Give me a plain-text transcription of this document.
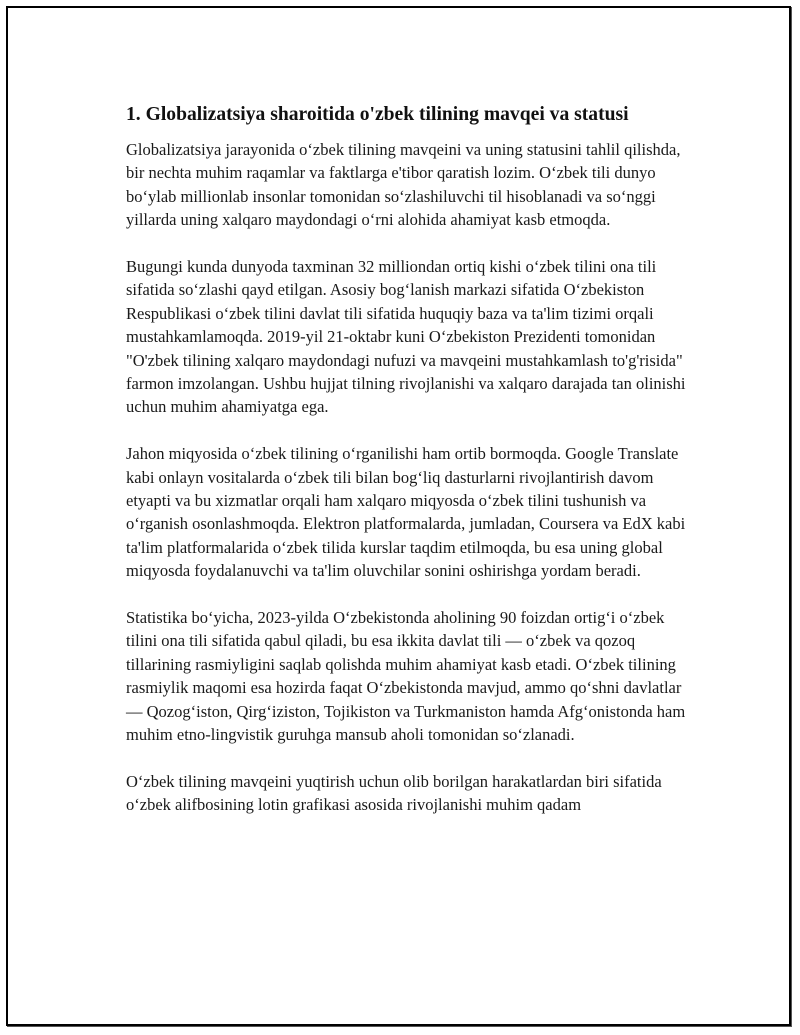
1. Globalizatsiya sharoitida o'zbek tilining mavqei va statusi

Globalizatsiya jarayonida oʻzbek tilining mavqeini va uning statusini tahlil qilishda, bir nechta muhim raqamlar va faktlarga e'tibor qaratish lozim. Oʻzbek tili dunyo boʻylab millionlab insonlar tomonidan soʻzlashiluvchi til hisoblanadi va soʻnggi yillarda uning xalqaro maydondagi oʻrni alohida ahamiyat kasb etmoqda.

Bugungi kunda dunyoda taxminan 32 milliondan ortiq kishi oʻzbek tilini ona tili sifatida soʻzlashi qayd etilgan. Asosiy bogʻlanish markazi sifatida Oʻzbekiston Respublikasi oʻzbek tilini davlat tili sifatida huquqiy baza va ta'lim tizimi orqali mustahkamlamoqda. 2019-yil 21-oktabr kuni Oʻzbekiston Prezidenti tomonidan "O'zbek tilining xalqaro maydondagi nufuzi va mavqeini mustahkamlash to'g'risida" farmon imzolangan. Ushbu hujjat tilning rivojlanishi va xalqaro darajada tan olinishi uchun muhim ahamiyatga ega.

Jahon miqyosida oʻzbek tilining oʻrganilishi ham ortib bormoqda. Google Translate kabi onlayn vositalarda oʻzbek tili bilan bogʻliq dasturlarni rivojlantirish davom etyapti va bu xizmatlar orqali ham xalqaro miqyosda oʻzbek tilini tushunish va oʻrganish osonlashmoqda. Elektron platformalarda, jumladan, Coursera va EdX kabi ta'lim platformalarida oʻzbek tilida kurslar taqdim etilmoqda, bu esa uning global miqyosda foydalanuvchi va ta'lim oluvchilar sonini oshirishga yordam beradi.

Statistika boʻyicha, 2023-yilda Oʻzbekistonda aholining 90 foizdan ortigʻi oʻzbek tilini ona tili sifatida qabul qiladi, bu esa ikkita davlat tili — oʻzbek va qozoq tillarining rasmiyligini saqlab qolishda muhim ahamiyat kasb etadi. Oʻzbek tilining rasmiylik maqomi esa hozirda faqat Oʻzbekistonda mavjud, ammo qoʻshni davlatlar — Qozogʻiston, Qirgʻiziston, Tojikiston va Turkmaniston hamda Afgʻonistonda ham muhim etno-lingvistik guruhga mansub aholi tomonidan soʻzlanadi.

Oʻzbek tilining mavqeini yuqtirish uchun olib borilgan harakatlardan biri sifatida oʻzbek alifbosining lotin grafikasi asosida rivojlanishi muhim qadam
